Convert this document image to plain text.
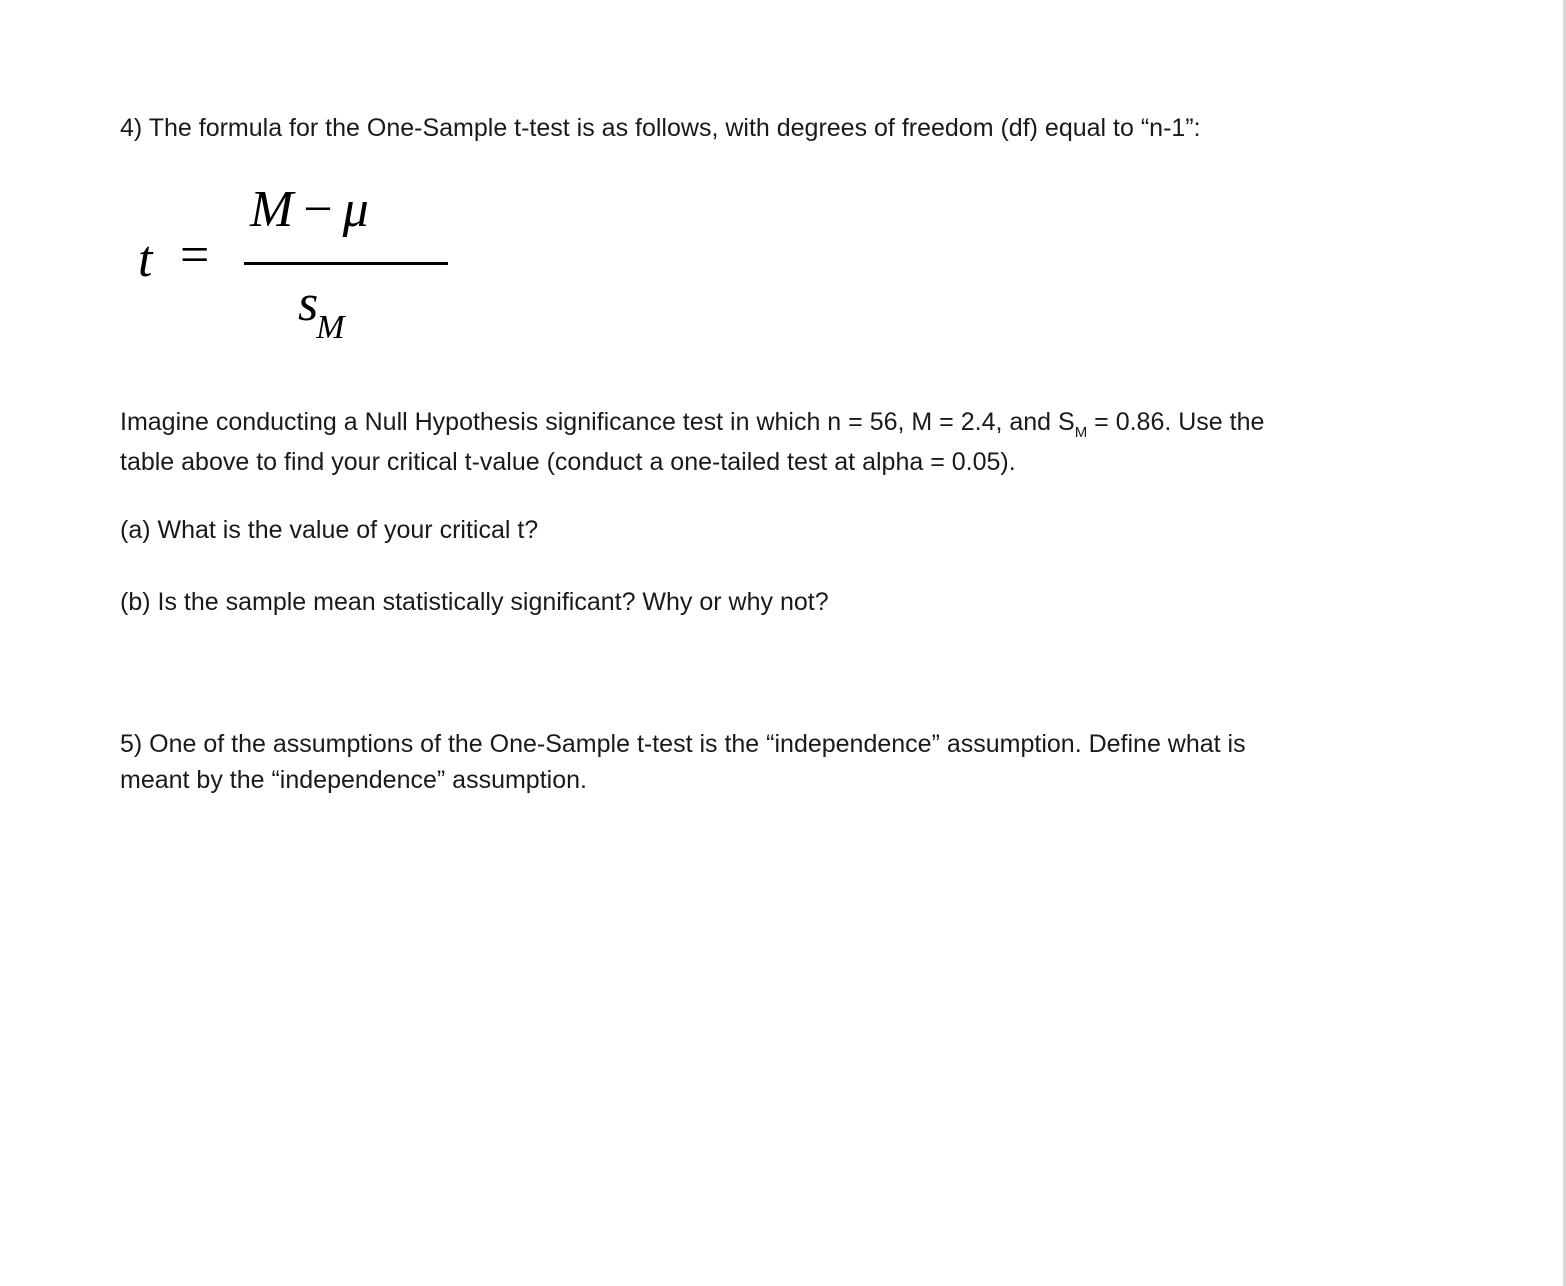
4) The formula for the One-Sample t-test is as follows, with degrees of freedom (df) equal to “n-1”:

t =
M − μ
$s_M$

Imagine conducting a Null Hypothesis significance test in which n = 56, M = 2.4, and $S_M = 0.86$. Use the
table above to find your critical t-value (conduct a one-tailed test at alpha = 0.05).

(a) What is the value of your critical t?

(b) Is the sample mean statistically significant? Why or why not?

5) One of the assumptions of the One-Sample t-test is the “independence” assumption. Define what is
meant by the “independence” assumption.
